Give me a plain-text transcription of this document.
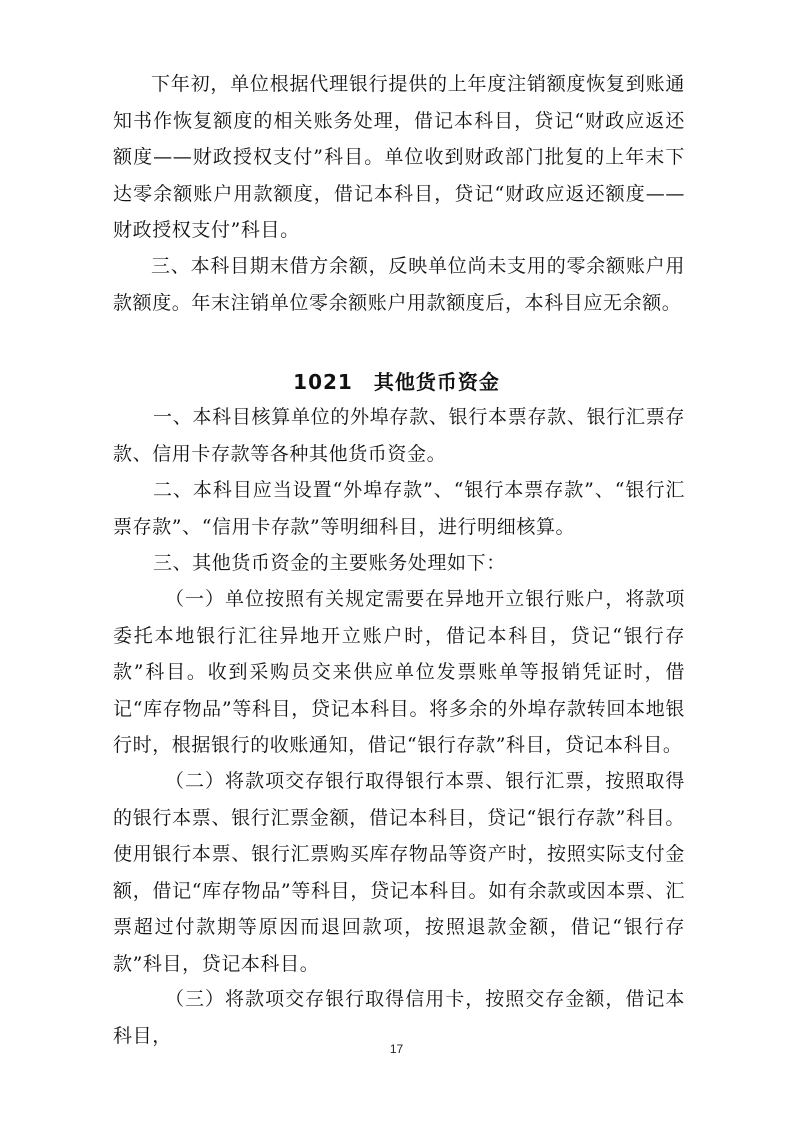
下年初，单位根据代理银行提供的上年度注销额度恢复到账通知书作恢复额度的相关账务处理，借记本科目，贷记“财政应返还额度——财政授权支付”科目。单位收到财政部门批复的上年末下达零余额账户用款额度，借记本科目，贷记“财政应返还额度——财政授权支付”科目。

三、本科目期末借方余额，反映单位尚未支用的零余额账户用款额度。年末注销单位零余额账户用款额度后，本科目应无余额。

1021　其他货币资金

一、本科目核算单位的外埠存款、银行本票存款、银行汇票存款、信用卡存款等各种其他货币资金。

二、本科目应当设置“外埠存款”、“银行本票存款”、“银行汇票存款”、“信用卡存款”等明细科目，进行明细核算。

三、其他货币资金的主要账务处理如下：

（一）单位按照有关规定需要在异地开立银行账户，将款项委托本地银行汇往异地开立账户时，借记本科目，贷记“银行存款”科目。收到采购员交来供应单位发票账单等报销凭证时，借记“库存物品”等科目，贷记本科目。将多余的外埠存款转回本地银行时，根据银行的收账通知，借记“银行存款”科目，贷记本科目。

（二）将款项交存银行取得银行本票、银行汇票，按照取得的银行本票、银行汇票金额，借记本科目，贷记“银行存款”科目。使用银行本票、银行汇票购买库存物品等资产时，按照实际支付金额，借记“库存物品”等科目，贷记本科目。如有余款或因本票、汇票超过付款期等原因而退回款项，按照退款金额，借记“银行存款”科目，贷记本科目。

（三）将款项交存银行取得信用卡，按照交存金额，借记本科目，

17
